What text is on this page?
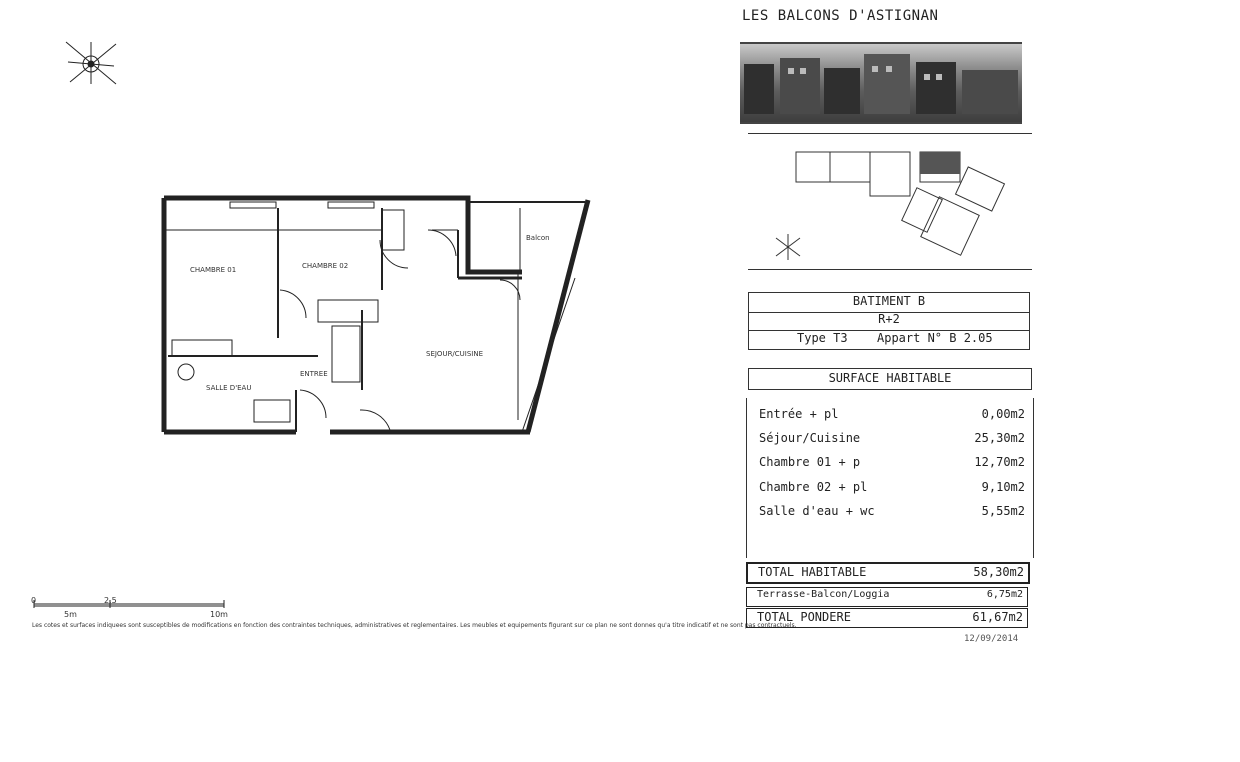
CHAMBRE 01	CHAMBRE 02
SEJOUR/CUISINE
SALLE D'EAU
ENTREE
Balcon
0	2.5
5m	10m
Les cotes et surfaces indiquees sont susceptibles de modifications en fonction des contraintes techniques, administratives et reglementaires. Les meubles et equipements figurant sur ce plan ne sont donnes qu'a titre indicatif et ne sont pas contractuels.
LES BALCONS D'ASTIGNAN
BATIMENT B
R+2
Type T3 Appart N° B 2.05
SURFACE HABITABLE
Entrée + pl	0,00m2
Séjour/Cuisine	25,30m2
Chambre 01 + p	12,70m2
Chambre 02 + pl	9,10m2
Salle d'eau + wc	5,55m2
TOTAL HABITABLE	58,30m2
Terrasse-Balcon/Loggia	6,75m2
TOTAL PONDERE	61,67m2
12/09/2014
